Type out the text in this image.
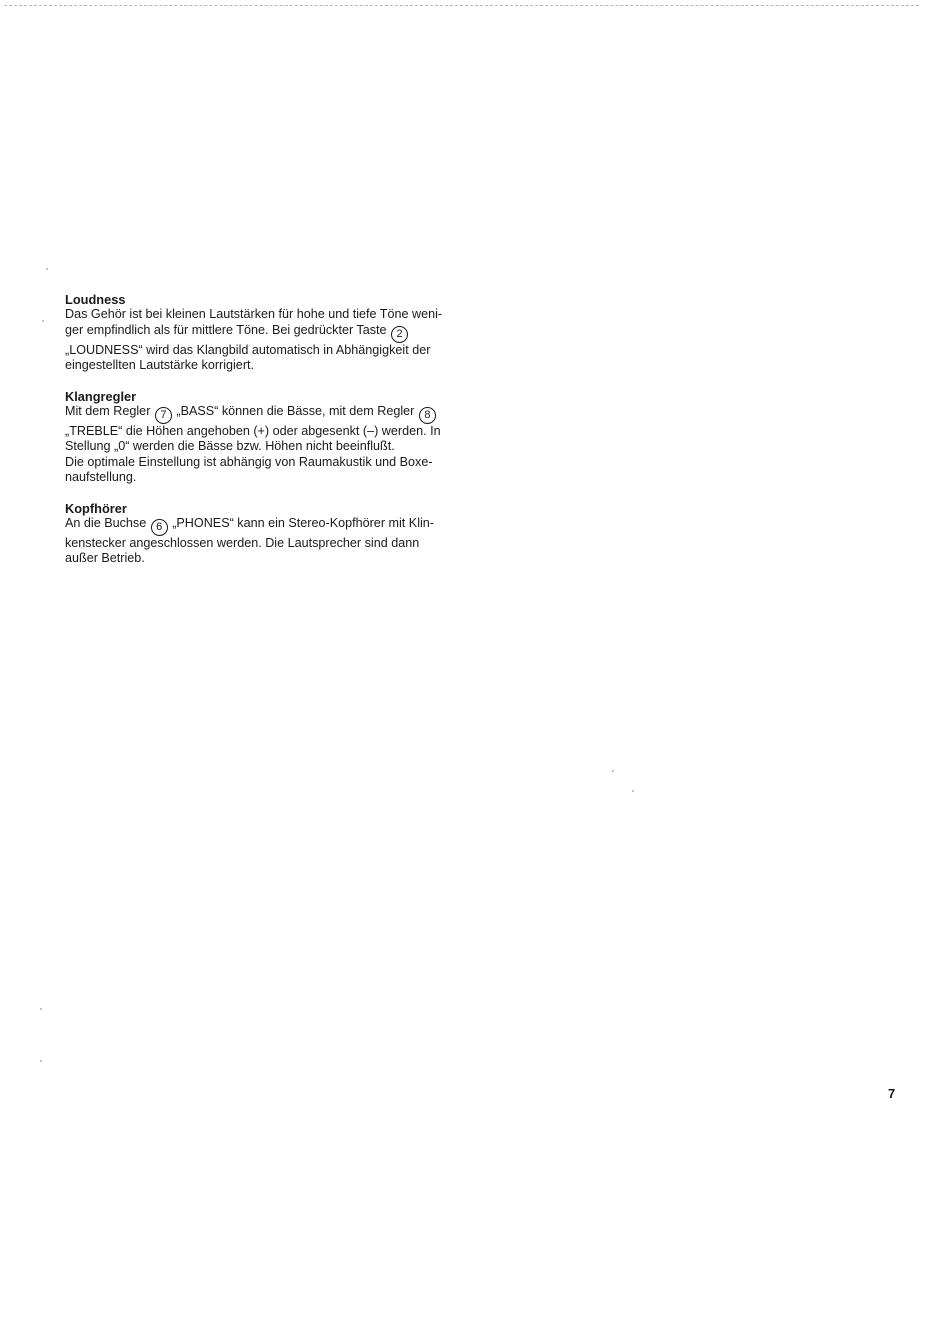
Loudness

Das Gehör ist bei kleinen Lautstärken für hohe und tiefe Töne weni-
ger empfindlich als für mittlere Töne. Bei gedrückter Taste 2
„LOUDNESS“ wird das Klangbild automatisch in Abhängigkeit der
eingestellten Lautstärke korrigiert.

Klangregler

Mit dem Regler 7 „BASS“ können die Bässe, mit dem Regler 8
„TREBLE“ die Höhen angehoben (+) oder abgesenkt (–) werden. In
Stellung „0“ werden die Bässe bzw. Höhen nicht beeinflußt.
Die optimale Einstellung ist abhängig von Raumakustik und Boxe-
naufstellung.

Kopfhörer

An die Buchse 6 „PHONES“ kann ein Stereo-Kopfhörer mit Klin-
kenstecker angeschlossen werden. Die Lautsprecher sind dann
außer Betrieb.

7
